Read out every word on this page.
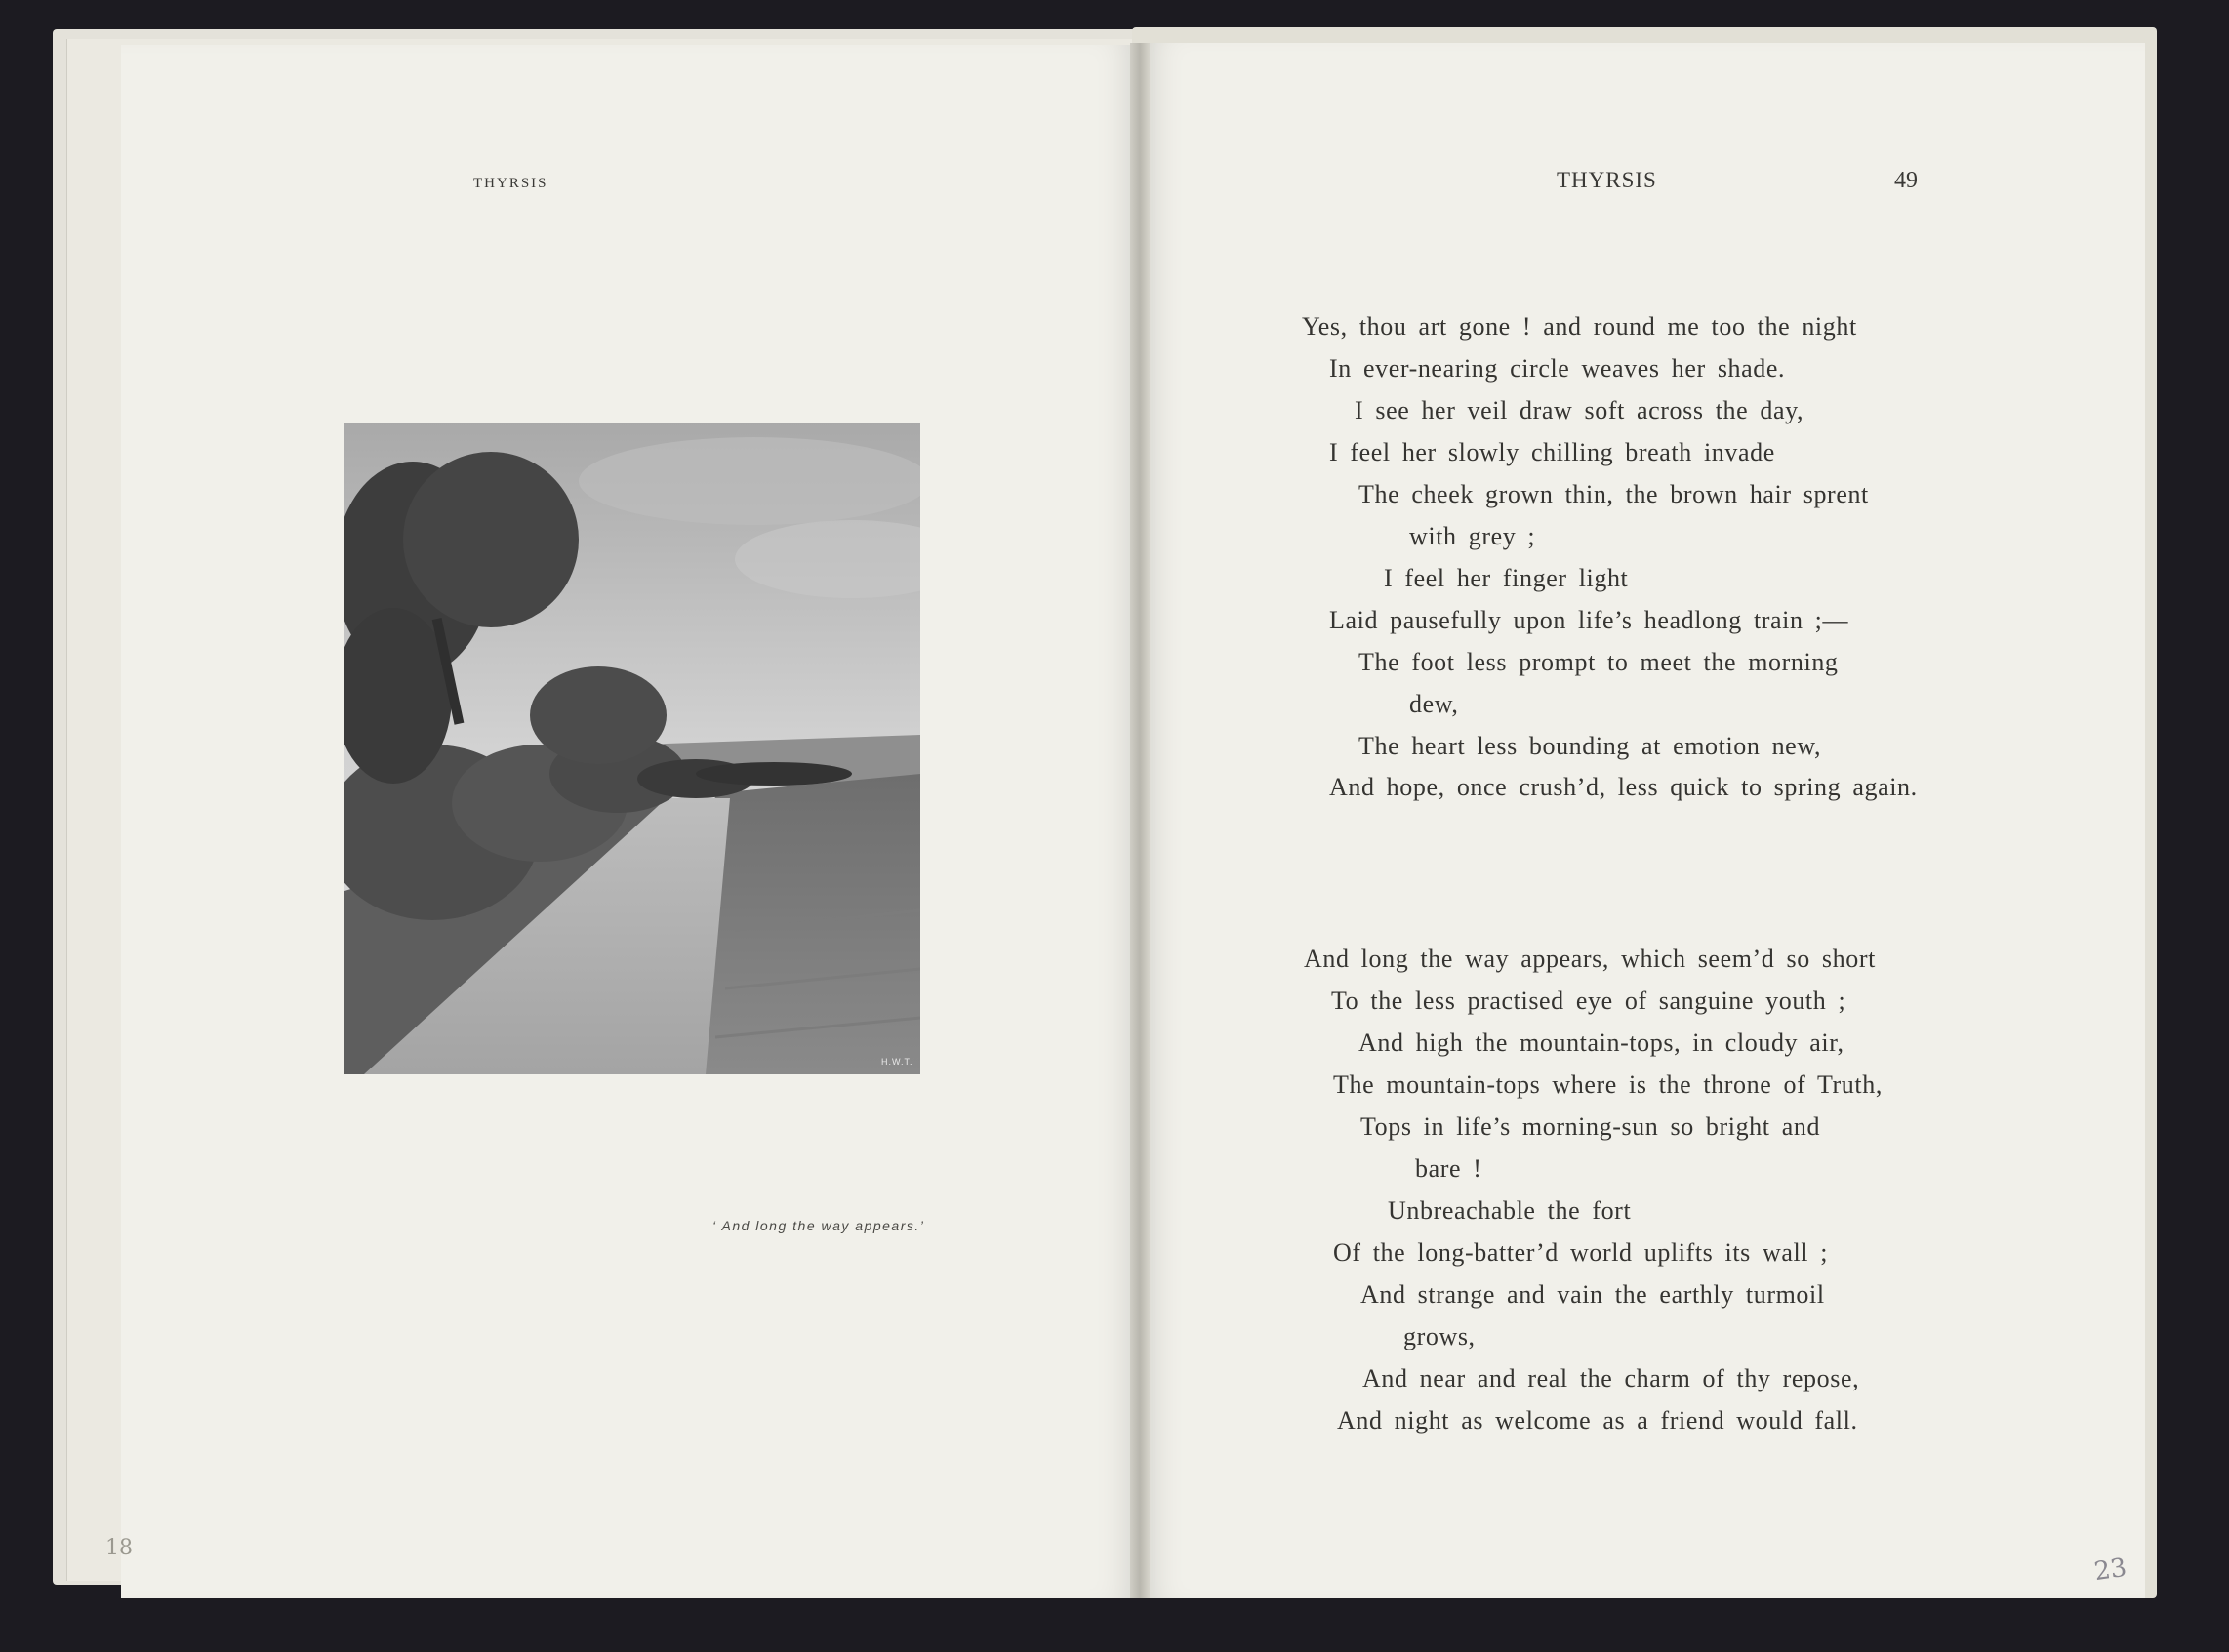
THYRSIS
H.W.T.
‘ And long the way appears.’
THYRSIS	49
Yes, thou art gone ! and round me too the night
In ever-nearing circle weaves her shade.
I see her veil draw soft across the day,
I feel her slowly chilling breath invade
The cheek grown thin, the brown hair sprent
with grey ;
I feel her finger light
Laid pausefully upon life’s headlong train ;—
The foot less prompt to meet the morning
dew,
The heart less bounding at emotion new,
And hope, once crush’d, less quick to spring again.
And long the way appears, which seem’d so short
To the less practised eye of sanguine youth ;
And high the mountain-tops, in cloudy air,
The mountain-tops where is the throne of Truth,
Tops in life’s morning-sun so bright and
bare !
Unbreachable the fort
Of the long-batter’d world uplifts its wall ;
And strange and vain the earthly turmoil
grows,
And near and real the charm of thy repose,
And night as welcome as a friend would fall.
23
18
